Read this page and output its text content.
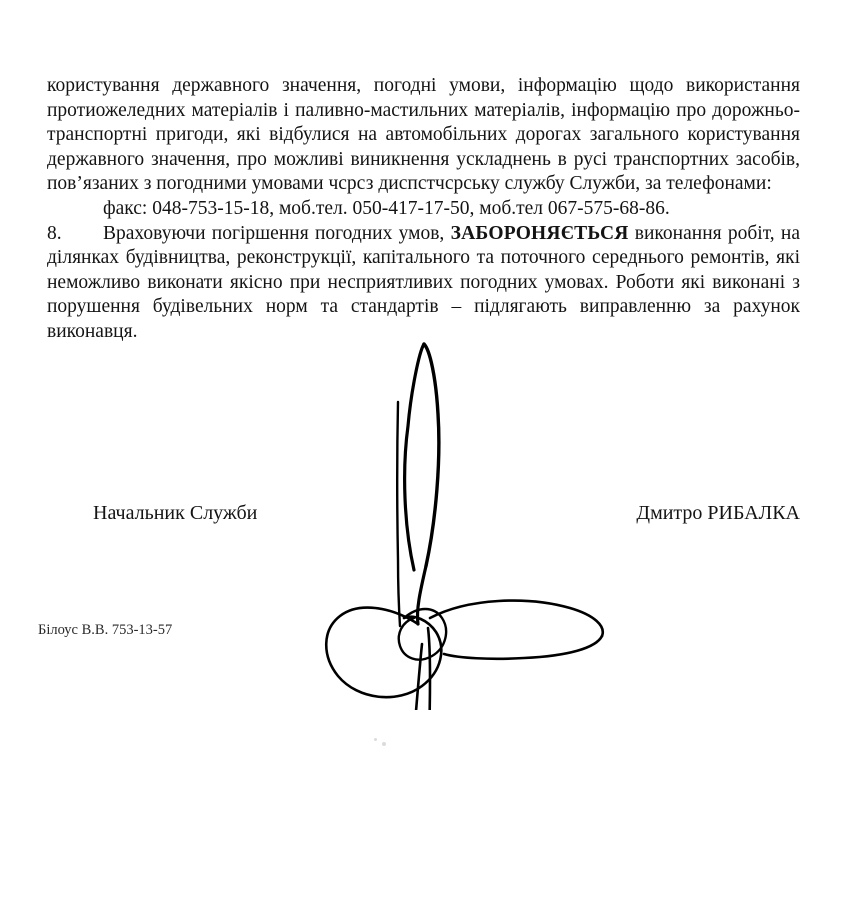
користування державного значення, погодні умови, інформацію щодо використання протиожеледних матеріалів і паливно-мастильних матеріалів, інформацію про дорожньо-транспортні пригоди, які відбулися на автомобільних дорогах загального користування державного значення, про можливі виникнення ускладнень в русі транспортних засобів, пов’язаних з погодними умовами чсрсз диспстчсрську службу Служби, за телефонами:

факс: 048-753-15-18, моб.тел. 050-417-17-50, моб.тел 067-575-68-86.

8. Враховуючи погіршення погодних умов, ЗАБОРОНЯЄТЬСЯ виконання робіт, на ділянках будівництва, реконструкції, капітального та поточного середнього ремонтів, які неможливо виконати якісно при несприятливих погодних умовах. Роботи які виконані з порушення будівельних норм та стандартів – підлягають виправленню за рахунок виконавця.

Начальник Служби	Дмитро РИБАЛКА
Білоус В.В. 753-13-57
